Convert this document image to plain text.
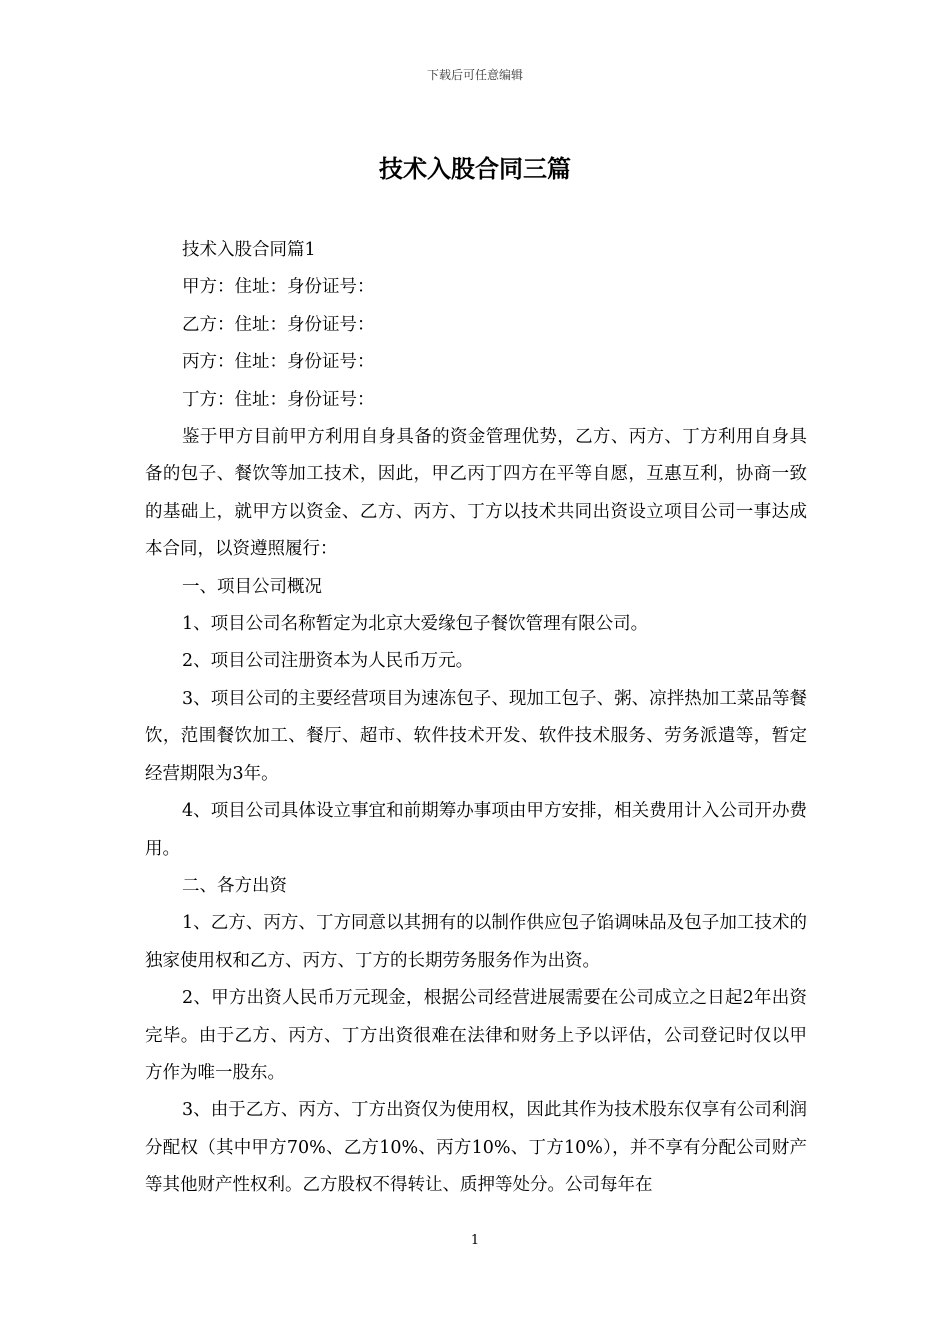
下载后可任意编辑
技术入股合同三篇

技术入股合同篇1

甲方：住址：身份证号：

乙方：住址：身份证号：

丙方：住址：身份证号：

丁方：住址：身份证号：

鉴于甲方目前甲方利用自身具备的资金管理优势，乙方、丙方、丁方利用自身具备的包子、餐饮等加工技术，因此，甲乙丙丁四方在平等自愿，互惠互利，协商一致的基础上，就甲方以资金、乙方、丙方、丁方以技术共同出资设立项目公司一事达成本合同，以资遵照履行：

一、项目公司概况

1、项目公司名称暂定为北京大爱缘包子餐饮管理有限公司。

2、项目公司注册资本为人民币万元。

3、项目公司的主要经营项目为速冻包子、现加工包子、粥、凉拌热加工菜品等餐饮，范围餐饮加工、餐厅、超市、软件技术开发、软件技术服务、劳务派遣等，暂定经营期限为3年。

4、项目公司具体设立事宜和前期筹办事项由甲方安排，相关费用计入公司开办费用。

二、各方出资

1、乙方、丙方、丁方同意以其拥有的以制作供应包子馅调味品及包子加工技术的独家使用权和乙方、丙方、丁方的长期劳务服务作为出资。

2、甲方出资人民币万元现金，根据公司经营进展需要在公司成立之日起2年出资完毕。由于乙方、丙方、丁方出资很难在法律和财务上予以评估，公司登记时仅以甲方作为唯一股东。

3、由于乙方、丙方、丁方出资仅为使用权，因此其作为技术股东仅享有公司利润分配权（其中甲方70%、乙方10%、丙方10%、丁方10%），并不享有分配公司财产等其他财产性权利。乙方股权不得转让、质押等处分。公司每年在

1
